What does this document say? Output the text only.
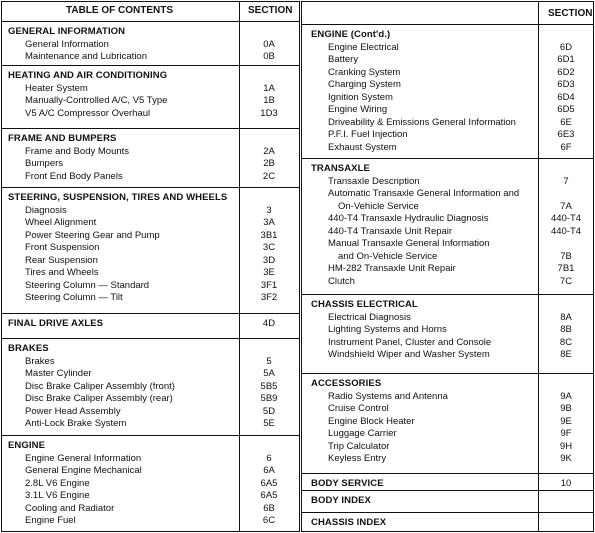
TABLE OF CONTENTS	SECTION	SECTION
GENERAL INFORMATION
General Information	0A
Maintenance and Lubrication	0B
HEATING AND AIR CONDITIONING
Heater System	1A
Manually-Controlled A/C, V5 Type	1B
V5 A/C Compressor Overhaul	1D3
FRAME AND BUMPERS
Frame and Body Mounts	2A
Bumpers	2B
Front End Body Panels	2C
STEERING, SUSPENSION, TIRES AND WHEELS
Diagnosis	3
Wheel Alignment	3A
Power Steering Gear and Pump	3B1
Front Suspension	3C
Rear Suspension	3D
Tires and Wheels	3E
Steering Column — Standard	3F1
Steering Column — Tilt	3F2
FINAL DRIVE AXLES	4D
BRAKES
Brakes	5
Master Cylinder	5A
Disc Brake Caliper Assembly (front)	5B5
Disc Brake Caliper Assembly (rear)	5B9
Power Head Assembly	5D
Anti-Lock Brake System	5E
ENGINE
Engine General Information	6
General Engine Mechanical	6A
2.8L V6 Engine	6A5
3.1L V6 Engine	6A5
Cooling and Radiator	6B
Engine Fuel	6C
ENGINE (Cont'd.)
Engine Electrical	6D
Battery	6D1
Cranking System	6D2
Charging System	6D3
Ignition System	6D4
Engine Wiring	6D5
Driveability & Emissions General Information	6E
P.F.I. Fuel Injection	6E3
Exhaust System	6F
TRANSAXLE
Transaxle Description	7
Automatic Transaxle General Information and
On-Vehicle Service	7A
440-T4 Transaxle Hydraulic Diagnosis	440-T4
440-T4 Transaxle Unit Repair	440-T4
Manual Transaxle General Information
and On-Vehicle Service	7B
HM-282 Transaxle Unit Repair	7B1
Clutch	7C
CHASSIS ELECTRICAL
Electrical Diagnosis	8A
Lighting Systems and Horns	8B
Instrument Panel, Cluster and Console	8C
Windshield Wiper and Washer System	8E
ACCESSORIES
Radio Systems and Antenna	9A
Cruise Control	9B
Engine Block Heater	9E
Luggage Carrier	9F
Trip Calculator	9H
Keyless Entry	9K
BODY SERVICE	10
BODY INDEX
CHASSIS INDEX
